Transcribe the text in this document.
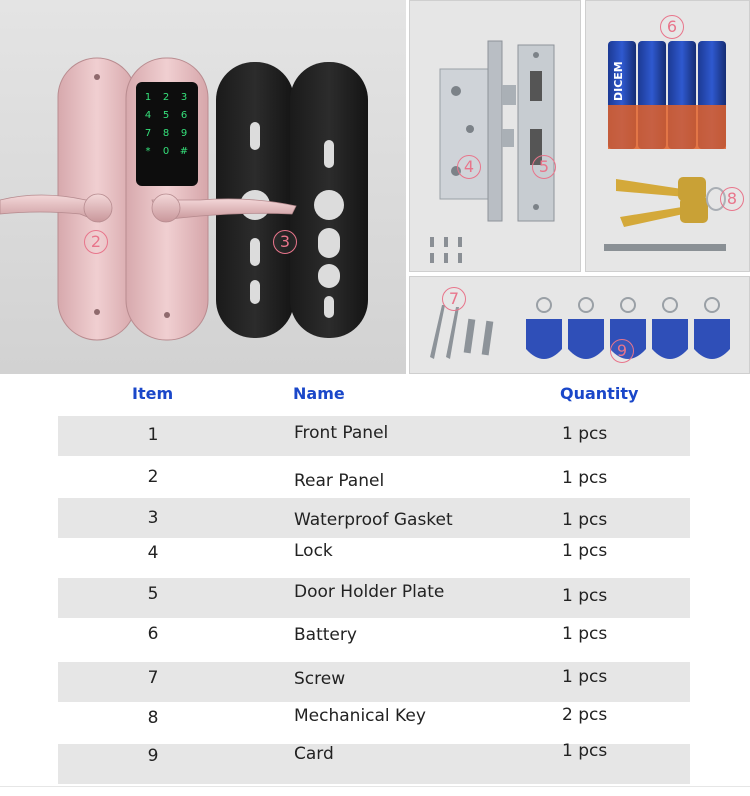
1 2 3
4 5 6
7 8 9
* 0 #
2	3
4	5
DICEM
6
8
7
9
Item	Name	Quantity
1	Front Panel	1 pcs
2	Rear Panel	1 pcs
3	Waterproof Gasket	1 pcs
4	Lock	1 pcs
5	Door Holder Plate	1 pcs
6	Battery	1 pcs
7	Screw	1 pcs
8	Mechanical Key	2 pcs
9	Card	1 pcs
